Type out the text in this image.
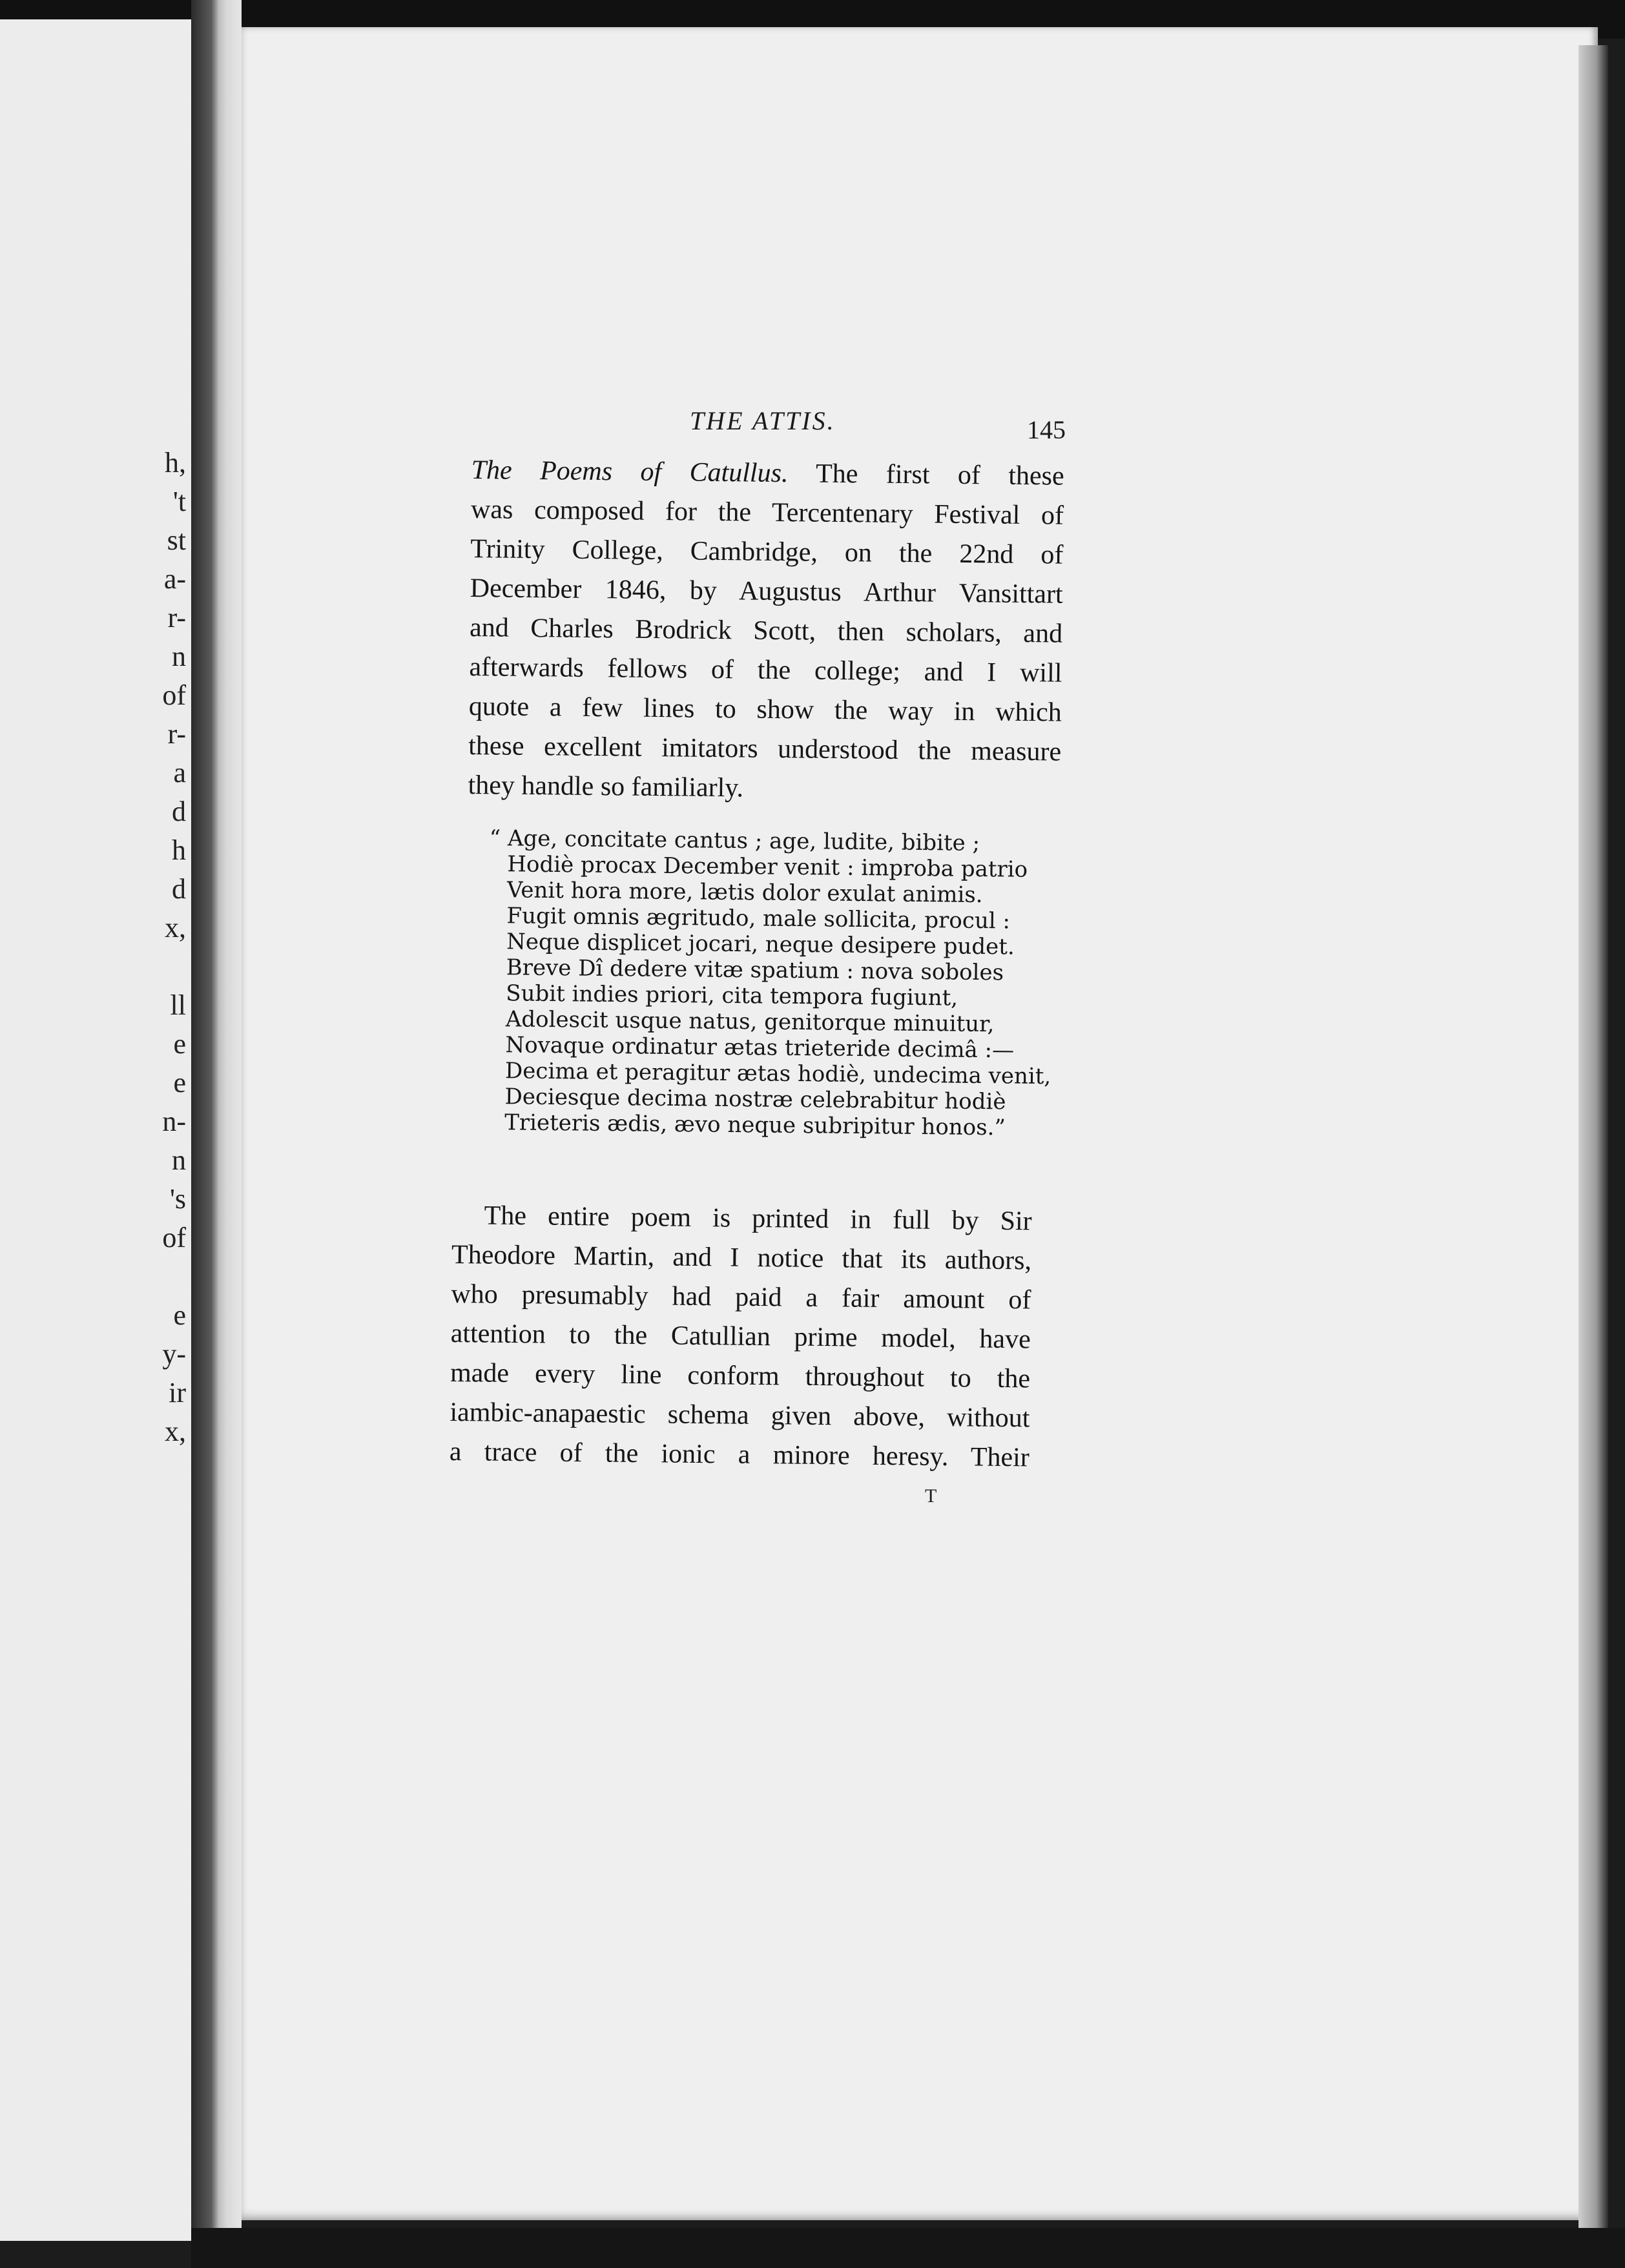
h,
't
st
a-
r-
n
of
r-
a
d
h
d
x,
ll
e
e
n-
n
's
of
e
y-
ir
x,
THE ATTIS.	145
The Poems of Catullus. The first of these
was composed for the Tercentenary Festival of
Trinity College, Cambridge, on the 22nd of
December 1846, by Augustus Arthur Vansittart
and Charles Brodrick Scott, then scholars, and
afterwards fellows of the college; and I will
quote a few lines to show the way in which
these excellent imitators understood the measure
they handle so familiarly.
“ Age, concitate cantus ; age, ludite, bibite ;
Hodiè procax December venit : improba patrio
Venit hora more, lætis dolor exulat animis.
Fugit omnis ægritudo, male sollicita, procul :
Neque displicet jocari, neque desipere pudet.
Breve Dî dedere vitæ spatium : nova soboles
Subit indies priori, cita tempora fugiunt,
Adolescit usque natus, genitorque minuitur,
Novaque ordinatur ætas trieteride decimâ :—
Decima et peragitur ætas hodiè, undecima venit,
Deciesque decima nostræ celebrabitur hodiè
Trieteris ædis, ævo neque subripitur honos.”
The entire poem is printed in full by Sir
Theodore Martin, and I notice that its authors,
who presumably had paid a fair amount of
attention to the Catullian prime model, have
made every line conform throughout to the
iambic-anapaestic schema given above, without
a trace of the ionic a minore heresy. Their
T
